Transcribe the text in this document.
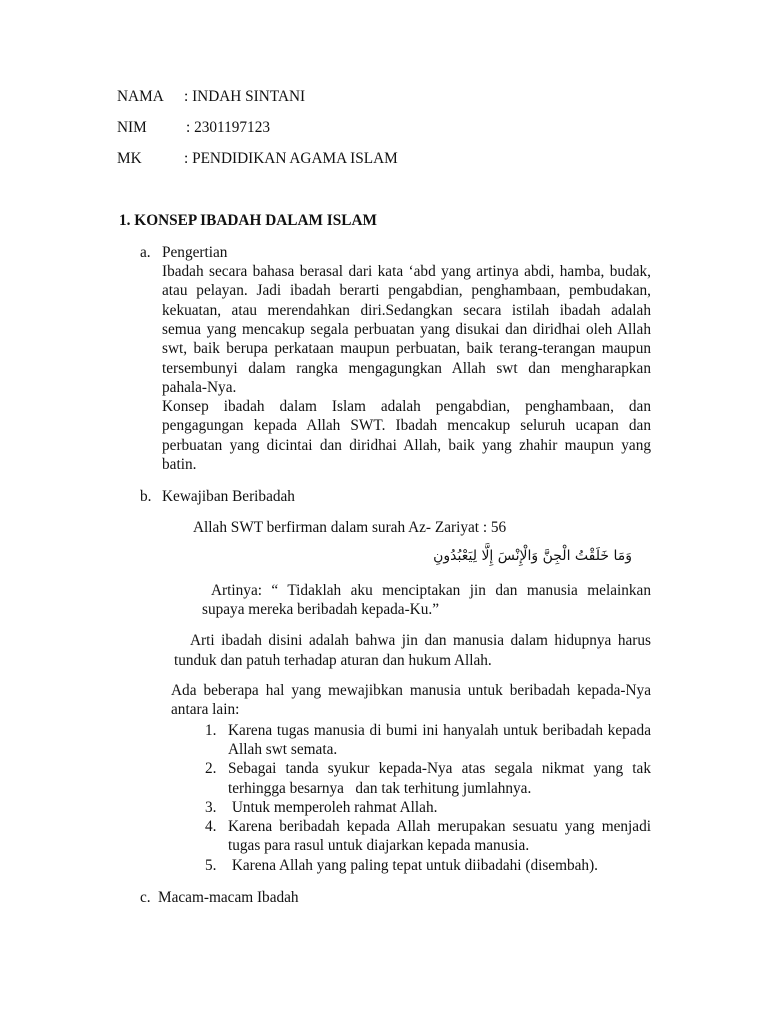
NAMA : INDAH SINTANI
NIM	: 2301197123
MK	: PENDIDIKAN AGAMA ISLAM
1. KONSEP IBADAH DALAM ISLAM
a. Pengertian
Ibadah secara bahasa berasal dari kata ‘abd yang artinya abdi, hamba, budak,
atau pelayan. Jadi ibadah berarti pengabdian, penghambaan, pembudakan,
kekuatan, atau merendahkan diri.Sedangkan secara istilah ibadah adalah
semua yang mencakup segala perbuatan yang disukai dan diridhai oleh Allah
swt, baik berupa perkataan maupun perbuatan, baik terang-terangan maupun
tersembunyi dalam rangka mengagungkan Allah swt dan mengharapkan
pahala-Nya.
Konsep ibadah dalam Islam adalah pengabdian, penghambaan, dan
pengagungan kepada Allah SWT. Ibadah mencakup seluruh ucapan dan
perbuatan yang dicintai dan diridhai Allah, baik yang zhahir maupun yang
batin.
b. Kewajiban Beribadah
Allah SWT berfirman dalam surah Az- Zariyat : 56
وَمَا خَلَقْتُ الْجِنَّ وَالْإِنْسَ إِلَّا لِيَعْبُدُونِ
Artinya: “ Tidaklah aku menciptakan jin dan manusia melainkan
supaya mereka beribadah kepada-Ku.”
Arti ibadah disini adalah bahwa jin dan manusia dalam hidupnya harus
tunduk dan patuh terhadap aturan dan hukum Allah.
Ada beberapa hal yang mewajibkan manusia untuk beribadah kepada-Nya
antara lain:
1. Karena tugas manusia di bumi ini hanyalah untuk beribadah kepada
Allah swt semata.
2. Sebagai tanda syukur kepada-Nya atas segala nikmat yang tak
terhingga besarnya   dan tak terhitung jumlahnya.
3. Untuk memperoleh rahmat Allah.
4. Karena beribadah kepada Allah merupakan sesuatu yang menjadi
tugas para rasul untuk diajarkan kepada manusia.
5. Karena Allah yang paling tepat untuk diibadahi (disembah).
c. Macam-macam Ibadah
